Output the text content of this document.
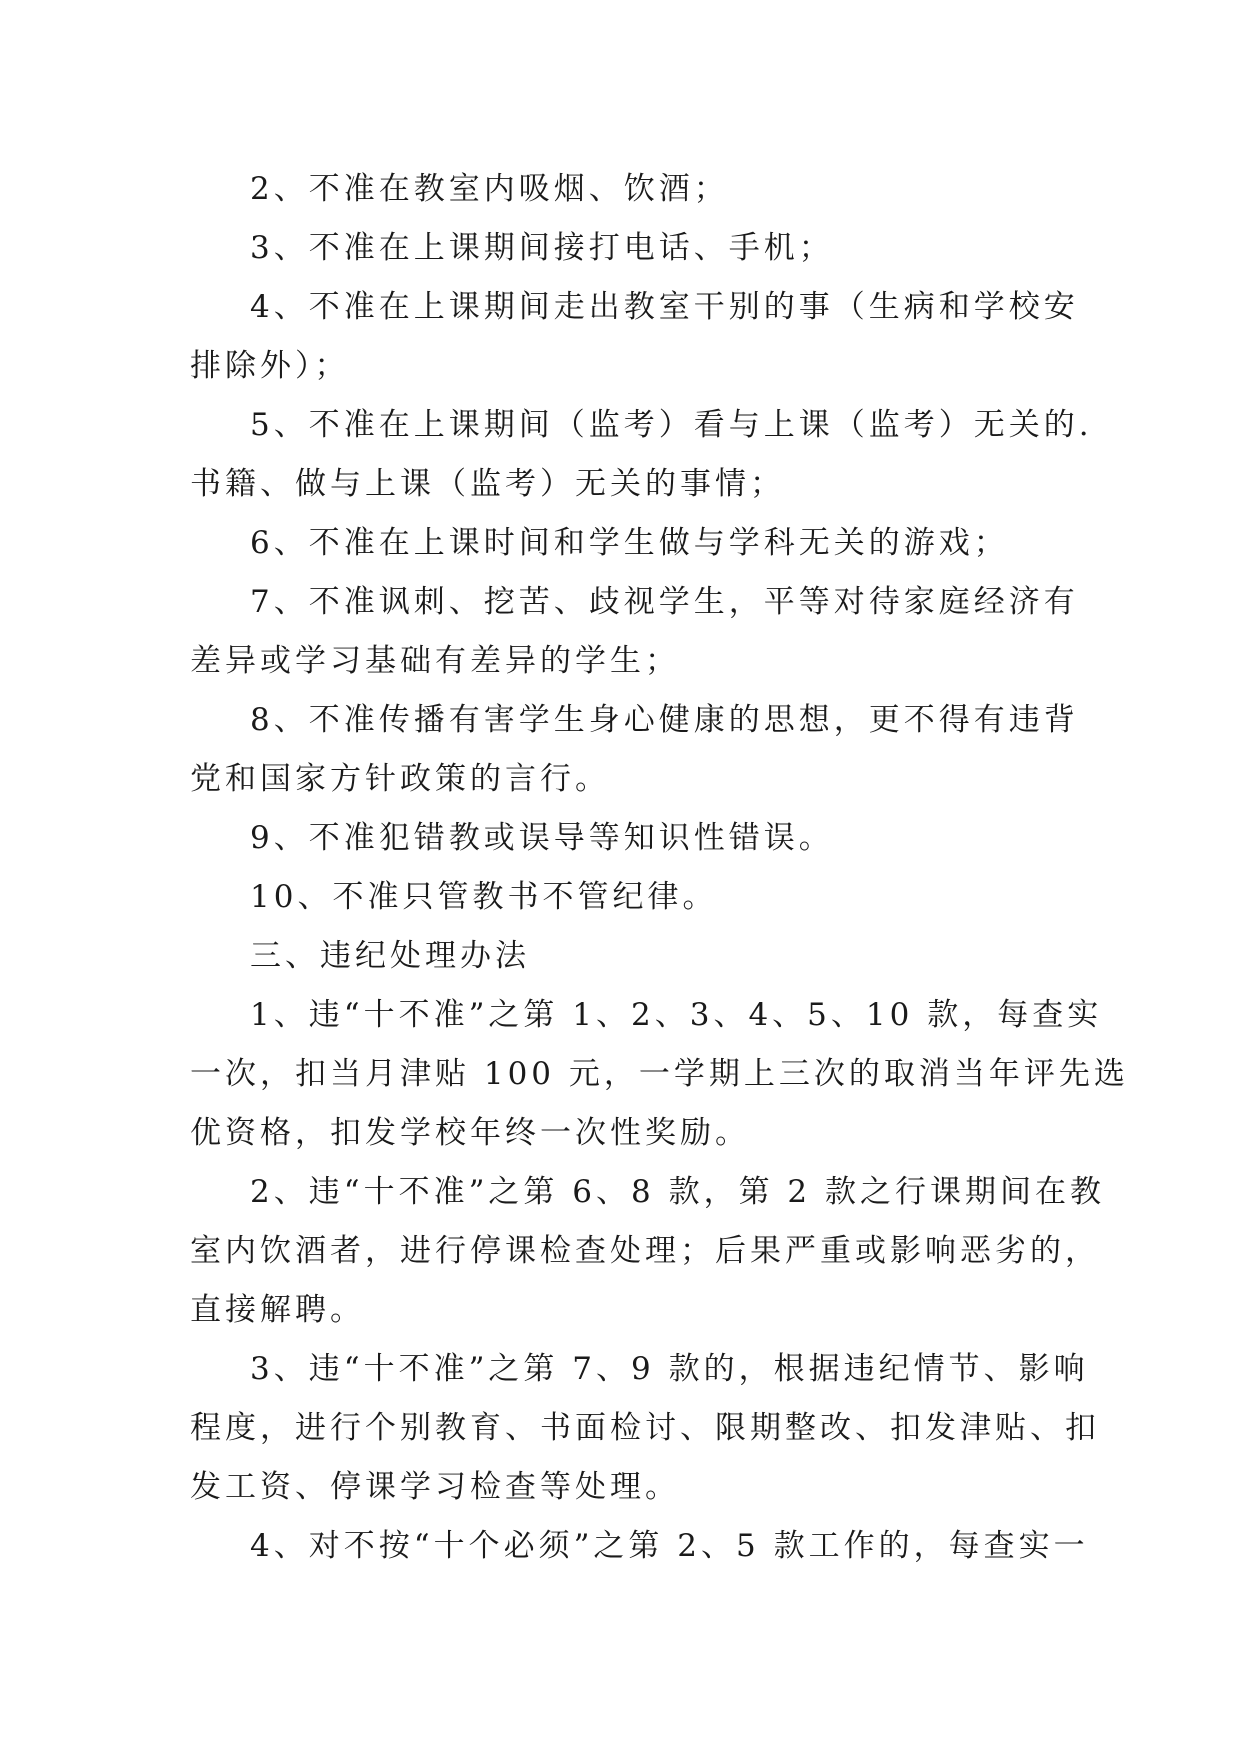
2、不准在教室内吸烟、饮酒；
3、不准在上课期间接打电话、手机；
4、不准在上课期间走出教室干别的事（生病和学校安
排除外）；
5、不准在上课期间（监考）看与上课（监考）无关的.
书籍、做与上课（监考）无关的事情；
6、不准在上课时间和学生做与学科无关的游戏；
7、不准讽刺、挖苦、歧视学生，平等对待家庭经济有
差异或学习基础有差异的学生；
8、不准传播有害学生身心健康的思想，更不得有违背
党和国家方针政策的言行。
9、不准犯错教或误导等知识性错误。
10、不准只管教书不管纪律。
三、违纪处理办法
1、违“十不准”之第 1、2、3、4、5、10 款，每查实
一次，扣当月津贴 100 元，一学期上三次的取消当年评先选
优资格，扣发学校年终一次性奖励。
2、违“十不准”之第 6、8 款，第 2 款之行课期间在教
室内饮酒者，进行停课检查处理；后果严重或影响恶劣的，
直接解聘。
3、违“十不准”之第 7、9 款的，根据违纪情节、影响
程度，进行个别教育、书面检讨、限期整改、扣发津贴、扣
发工资、停课学习检查等处理。
4、对不按“十个必须”之第 2、5 款工作的，每查实一
